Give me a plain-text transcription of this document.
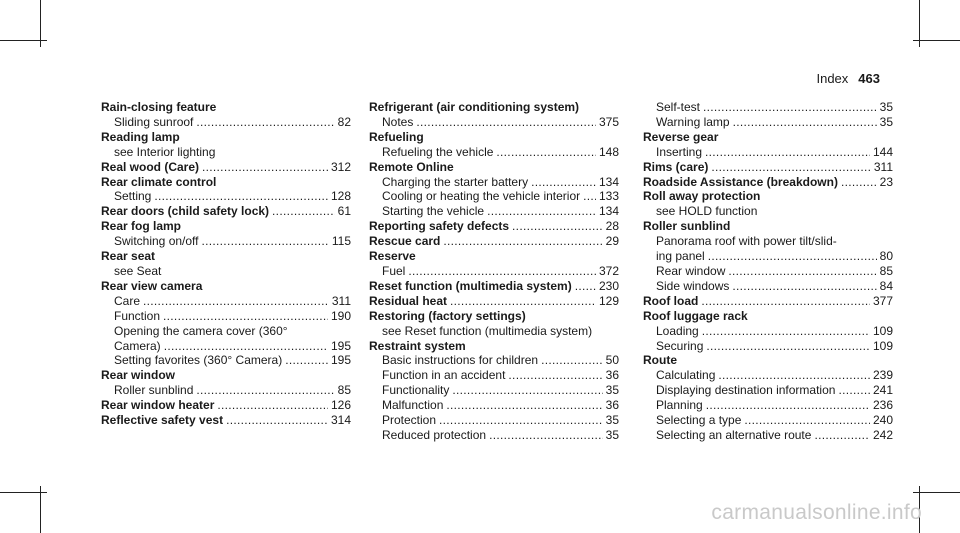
Index 463
Rain-closing feature
Sliding sunroof .....	82
Reading lamp
see Interior lighting
Real wood (Care) .....	312
Rear climate control
Setting .....	128
Rear doors (child safety lock) .....	61
Rear fog lamp
Switching on/off .....	115
Rear seat
see Seat
Rear view camera
Care .....	311
Function .....	190
Opening the camera cover (360°
Camera) .....	195
Setting favorites (360° Camera) .....	195
Rear window
Roller sunblind .....	85
Rear window heater .....	126
Reflective safety vest .....	314
Refrigerant (air conditioning system)
Notes .....	375
Refueling
Refueling the vehicle .....	148
Remote Online
Charging the starter battery .....	134
Cooling or heating the vehicle interior ..... 133
Starting the vehicle .....	134
Reporting safety defects .....	28
Rescue card .....	29
Reserve
Fuel .....	372
Reset function (multimedia system) ..... 230
Residual heat .....	129
Restoring (factory settings)
see Reset function (multimedia system)
Restraint system
Basic instructions for children .....	50
Function in an accident .....	36
Functionality .....	35
Malfunction .....	36
Protection .....	35
Reduced protection .....	35
Self-test .....	35
Warning lamp .....	35
Reverse gear
Inserting .....	144
Rims (care) .....	311
Roadside Assistance (breakdown) .....	23
Roll away protection
see HOLD function
Roller sunblind
Panorama roof with power tilt/slid-
ing panel .....	80
Rear window .....	85
Side windows .....	84
Roof load .....	377
Roof luggage rack
Loading .....	109
Securing .....	109
Route
Calculating .....	239
Displaying destination information .....	241
Planning .....	236
Selecting a type .....	240
Selecting an alternative route .....	242
carmanualsonline.info
